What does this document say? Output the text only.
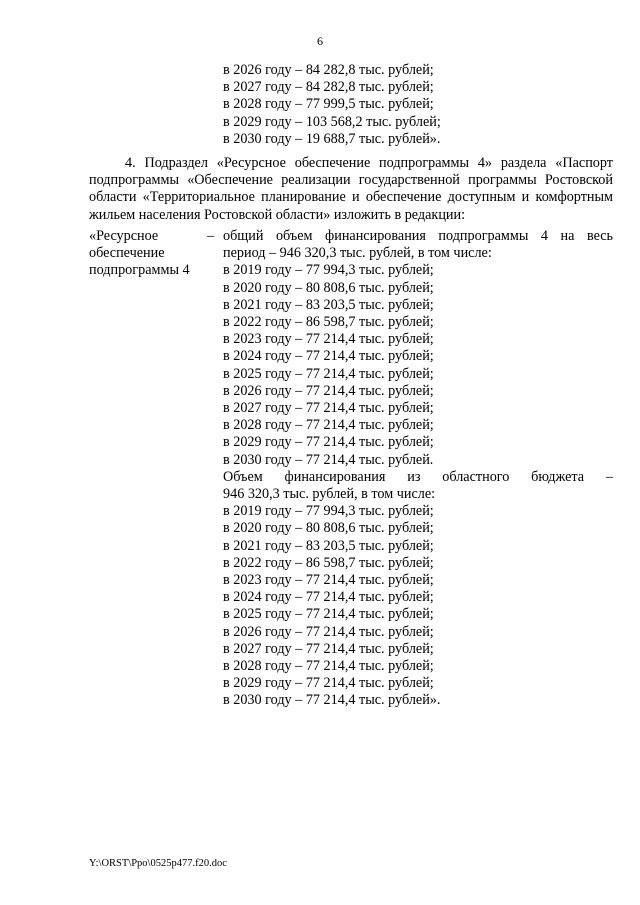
6
в 2026 году – 84 282,8 тыс. рублей;
в 2027 году – 84 282,8 тыс. рублей;
в 2028 году – 77 999,5 тыс. рублей;
в 2029 году – 103 568,2 тыс. рублей;
в 2030 году – 19 688,7 тыс. рублей».
4. Подраздел «Ресурсное обеспечение подпрограммы 4» раздела «Паспорт подпрограммы «Обеспечение реализации государственной программы Ростовской области «Территориальное планирование и обеспечение доступным и комфортным жильем населения Ростовской области» изложить в редакции:
«Ресурсное
обеспечение
подпрограммы 4
– общий объем финансирования подпрограммы 4 на весь
период – 946 320,3 тыс. рублей, в том числе:
в 2019 году – 77 994,3 тыс. рублей;
в 2020 году – 80 808,6 тыс. рублей;
в 2021 году – 83 203,5 тыс. рублей;
в 2022 году – 86 598,7 тыс. рублей;
в 2023 году – 77 214,4 тыс. рублей;
в 2024 году – 77 214,4 тыс. рублей;
в 2025 году – 77 214,4 тыс. рублей;
в 2026 году – 77 214,4 тыс. рублей;
в 2027 году – 77 214,4 тыс. рублей;
в 2028 году – 77 214,4 тыс. рублей;
в 2029 году – 77 214,4 тыс. рублей;
в 2030 году – 77 214,4 тыс. рублей.
Объем финансирования из областного бюджета –
946 320,3 тыс. рублей, в том числе:
в 2019 году – 77 994,3 тыс. рублей;
в 2020 году – 80 808,6 тыс. рублей;
в 2021 году – 83 203,5 тыс. рублей;
в 2022 году – 86 598,7 тыс. рублей;
в 2023 году – 77 214,4 тыс. рублей;
в 2024 году – 77 214,4 тыс. рублей;
в 2025 году – 77 214,4 тыс. рублей;
в 2026 году – 77 214,4 тыс. рублей;
в 2027 году – 77 214,4 тыс. рублей;
в 2028 году – 77 214,4 тыс. рублей;
в 2029 году – 77 214,4 тыс. рублей;
в 2030 году – 77 214,4 тыс. рублей».
Y:\ORST\Ppo\0525p477.f20.doc
